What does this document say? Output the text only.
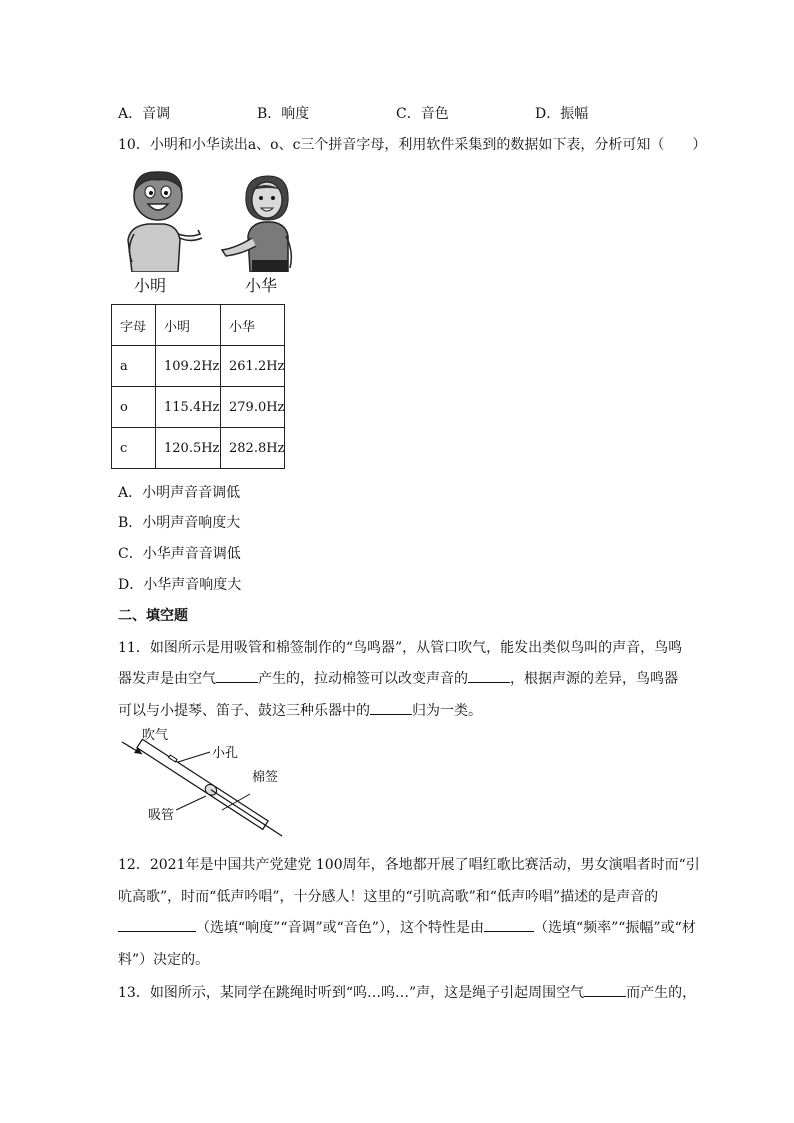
A．音调	B．响度	C．音色	D．振幅
10．小明和小华读出a、o、c三个拼音字母，利用软件采集到的数据如下表，分析可知（　　）
小明	小华
字母	小明	小华
a	109.2Hz	261.2Hz
o	115.4Hz	279.0Hz
c	120.5Hz	282.8Hz
A．小明声音音调低
B．小明声音响度大
C．小华声音音调低
D．小华声音响度大
二、填空题
11．如图所示是用吸管和棉签制作的“鸟鸣器”，从管口吹气，能发出类似鸟叫的声音，鸟鸣
器发声是由空气	产生的，拉动棉签可以改变声音的	，根据声源的差异，鸟鸣器
可以与小提琴、笛子、鼓这三种乐器中的	归为一类。
吹气
小孔
棉签
吸管
12．2021年是中国共产党建党 100周年，各地都开展了唱红歌比赛活动，男女演唱者时而“引
吭高歌”，时而“低声吟唱”，十分感人！这里的“引吭高歌”和“低声吟唱”描述的是声音的
（选填“响度”“音调”或“音色”），这个特性是由	（选填“频率”“振幅”或“材
料”）决定的。
13．如图所示，某同学在跳绳时听到“呜…呜…”声，这是绳子引起周围空气	而产生的，
